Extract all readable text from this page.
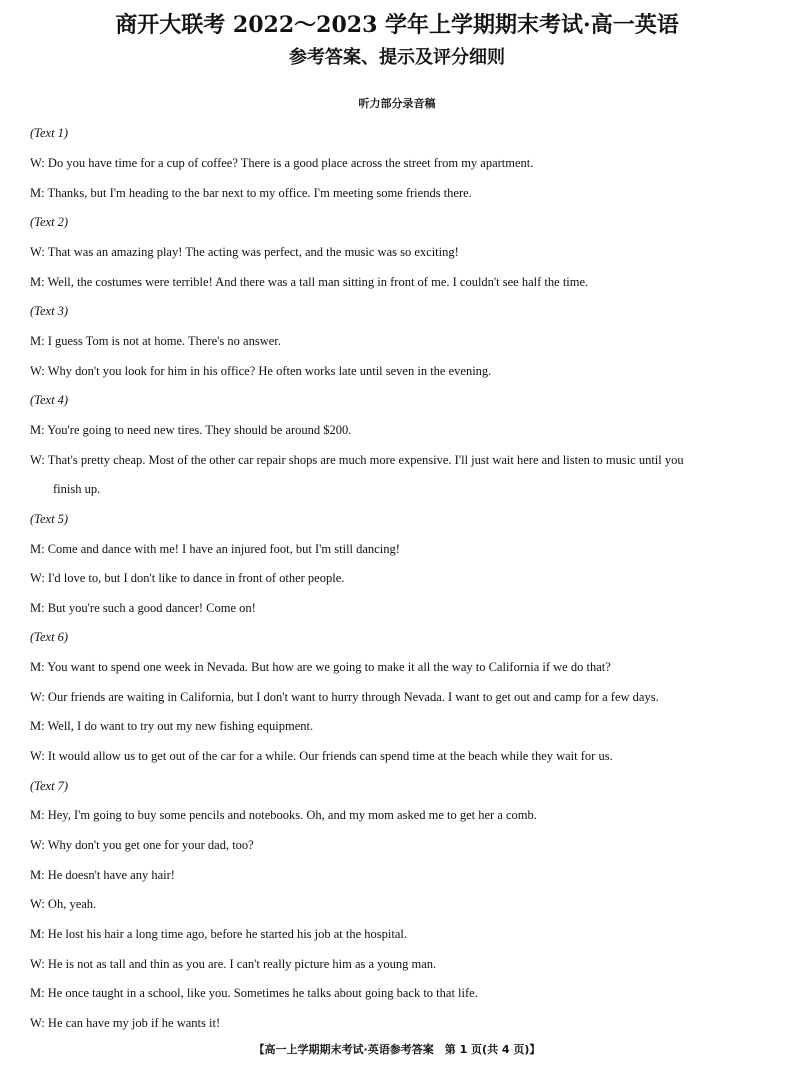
商开大联考 2022～2023 学年上学期期末考试·高一英语
参考答案、提示及评分细则
听力部分录音稿
(Text 1)
W: Do you have time for a cup of coffee? There is a good place across the street from my apartment.
M: Thanks, but I'm heading to the bar next to my office. I'm meeting some friends there.
(Text 2)
W: That was an amazing play! The acting was perfect, and the music was so exciting!
M: Well, the costumes were terrible! And there was a tall man sitting in front of me. I couldn't see half the time.
(Text 3)
M: I guess Tom is not at home. There's no answer.
W: Why don't you look for him in his office? He often works late until seven in the evening.
(Text 4)
M: You're going to need new tires. They should be around $200.
W: That's pretty cheap. Most of the other car repair shops are much more expensive. I'll just wait here and listen to music until you
finish up.
(Text 5)
M: Come and dance with me! I have an injured foot, but I'm still dancing!
W: I'd love to, but I don't like to dance in front of other people.
M: But you're such a good dancer! Come on!
(Text 6)
M: You want to spend one week in Nevada. But how are we going to make it all the way to California if we do that?
W: Our friends are waiting in California, but I don't want to hurry through Nevada. I want to get out and camp for a few days.
M: Well, I do want to try out my new fishing equipment.
W: It would allow us to get out of the car for a while. Our friends can spend time at the beach while they wait for us.
(Text 7)
M: Hey, I'm going to buy some pencils and notebooks. Oh, and my mom asked me to get her a comb.
W: Why don't you get one for your dad, too?
M: He doesn't have any hair!
W: Oh, yeah.
M: He lost his hair a long time ago, before he started his job at the hospital.
W: He is not as tall and thin as you are. I can't really picture him as a young man.
M: He once taught in a school, like you. Sometimes he talks about going back to that life.
W: He can have my job if he wants it!
【高一上学期期末考试·英语参考答案　第 1 页(共 4 页)】
